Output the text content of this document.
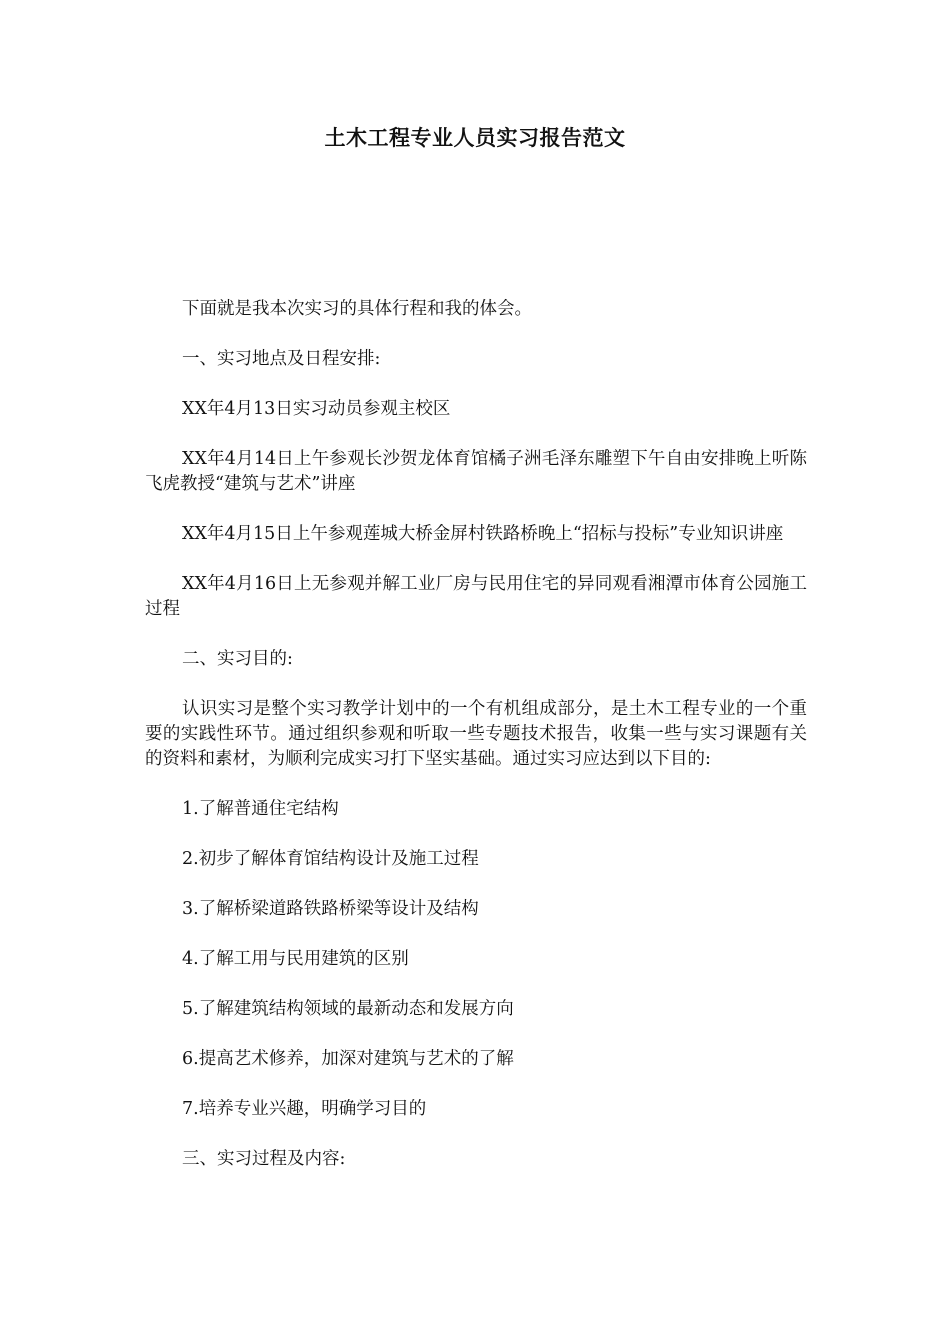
土木工程专业人员实习报告范文

下面就是我本次实习的具体行程和我的体会。

一、实习地点及日程安排:

XX年4月13日实习动员参观主校区

XX年4月14日上午参观长沙贺龙体育馆橘子洲毛泽东雕塑下午自由安排晚上听陈飞虎教授“建筑与艺术”讲座

XX年4月15日上午参观莲城大桥金屏村铁路桥晚上“招标与投标”专业知识讲座

XX年4月16日上无参观并解工业厂房与民用住宅的异同观看湘潭市体育公园施工过程

二、实习目的:

认识实习是整个实习教学计划中的一个有机组成部分，是土木工程专业的一个重要的实践性环节。通过组织参观和听取一些专题技术报告，收集一些与实习课题有关的资料和素材，为顺利完成实习打下坚实基础。通过实习应达到以下目的:

1.了解普通住宅结构

2.初步了解体育馆结构设计及施工过程

3.了解桥梁道路铁路桥梁等设计及结构

4.了解工用与民用建筑的区别

5.了解建筑结构领域的最新动态和发展方向

6.提高艺术修养，加深对建筑与艺术的了解

7.培养专业兴趣，明确学习目的

三、实习过程及内容:
